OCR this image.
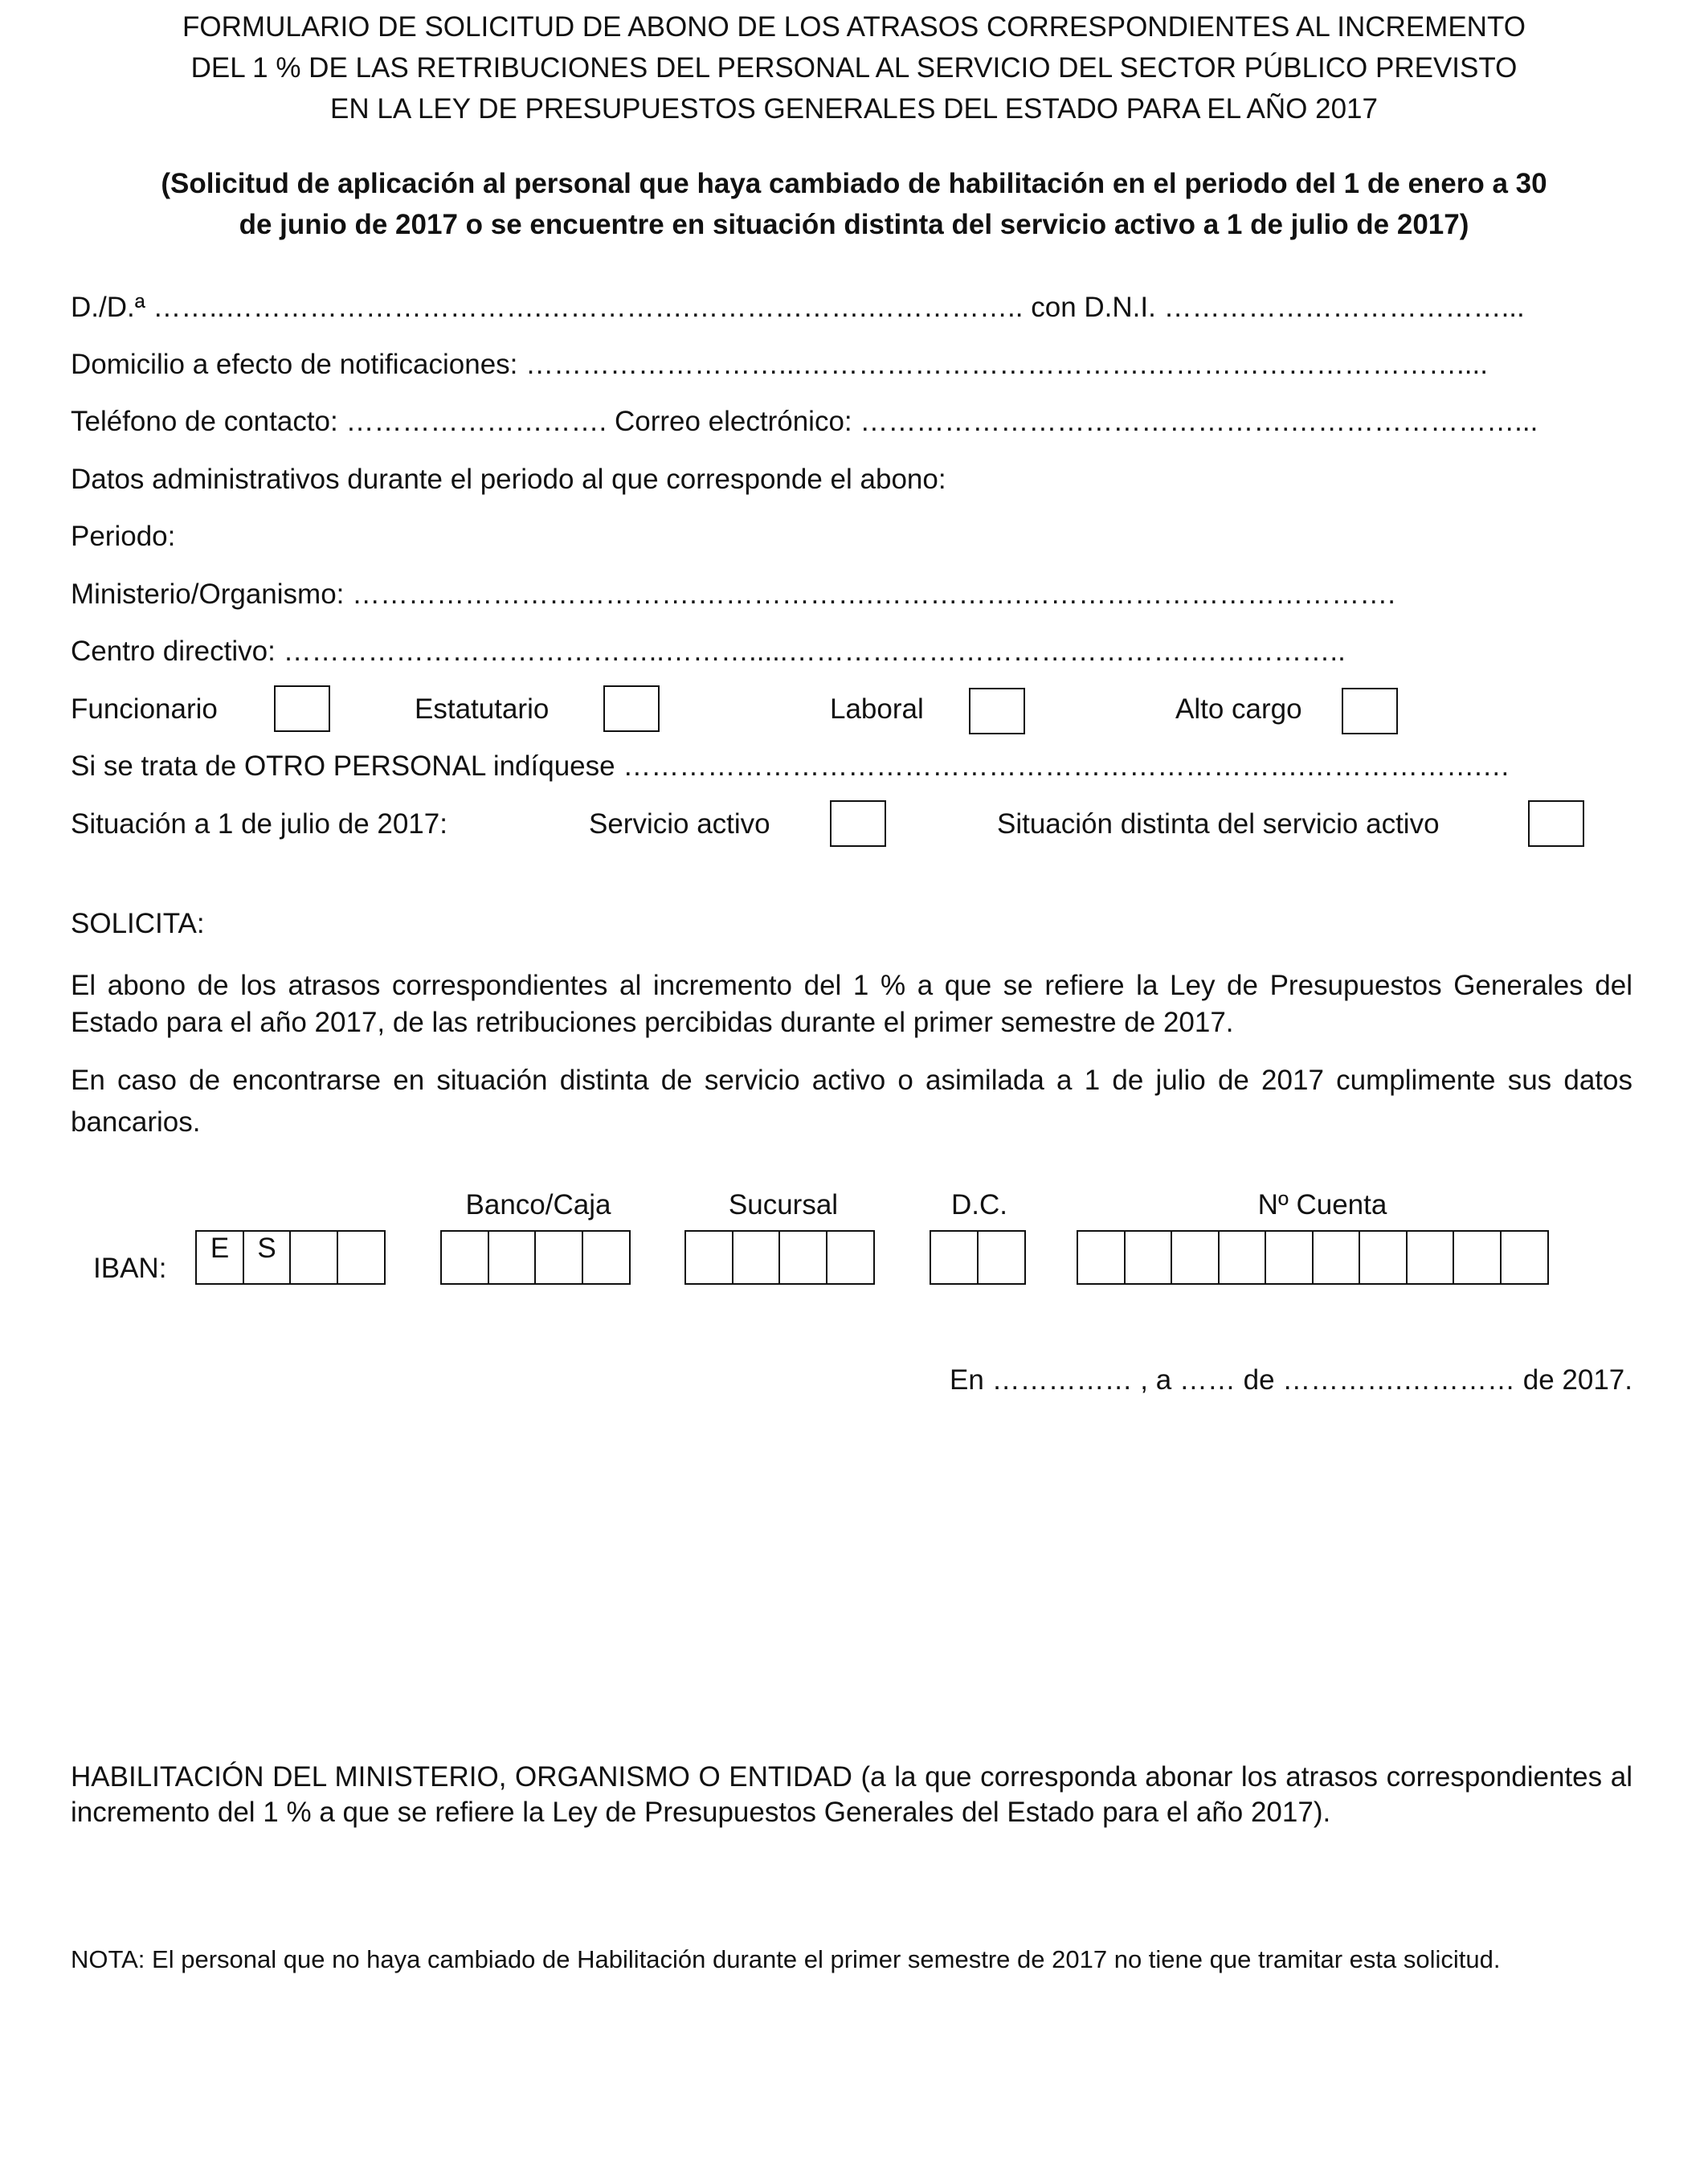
FORMULARIO DE SOLICITUD DE ABONO DE LOS ATRASOS CORRESPONDIENTES AL INCREMENTO
DEL 1 % DE LAS RETRIBUCIONES DEL PERSONAL AL SERVICIO DEL SECTOR PÚBLICO PREVISTO
EN LA LEY DE PRESUPUESTOS GENERALES DEL ESTADO PARA EL AÑO 2017
(Solicitud de aplicación al personal que haya cambiado de habilitación en el periodo del 1 de enero a 30
de junio de 2017 o se encuentre en situación distinta del servicio activo a 1 de julio de 2017)
D./D.ª ……..…………………………….…………….……………….…………….. con D.N.I. ………………………………...
Domicilio a efecto de notificaciones: ………………………...……………………………….……………………………....
Teléfono de contacto: ………………………. Correo electrónico: ……………………………………….……………………...
Datos administrativos durante el periodo al que corresponde el abono:
Periodo:
Ministerio/Organismo: ……………………………….……………….…………….………………………………….
Centro directivo: …………………………………..……….....…………………………………….……………..
Funcionario	Estatutario	Laboral	Alto cargo
Si se trata de OTRO PERSONAL indíquese ……………………………………………………………….……………….…
Situación a 1 de julio de 2017:	Servicio activo	Situación distinta del servicio activo
SOLICITA:
El abono de los atrasos correspondientes al incremento del 1 % a que se refiere la Ley de Presupuestos Generales del Estado para el año 2017, de las retribuciones percibidas durante el primer semestre de 2017.
En caso de encontrarse en situación distinta de servicio activo o asimilada a 1 de julio de 2017 cumplimente sus datos bancarios.
Banco/Caja	Sucursal	D.C.	Nº Cuenta
IBAN:
E	S
En …………… , a …… de ………….………… de 2017.
HABILITACIÓN DEL MINISTERIO, ORGANISMO O ENTIDAD (a la que corresponda abonar los atrasos correspondientes al incremento del 1 % a que se refiere la Ley de Presupuestos Generales del Estado para el año 2017).
NOTA: El personal que no haya cambiado de Habilitación durante el primer semestre de 2017 no tiene que tramitar esta solicitud.
